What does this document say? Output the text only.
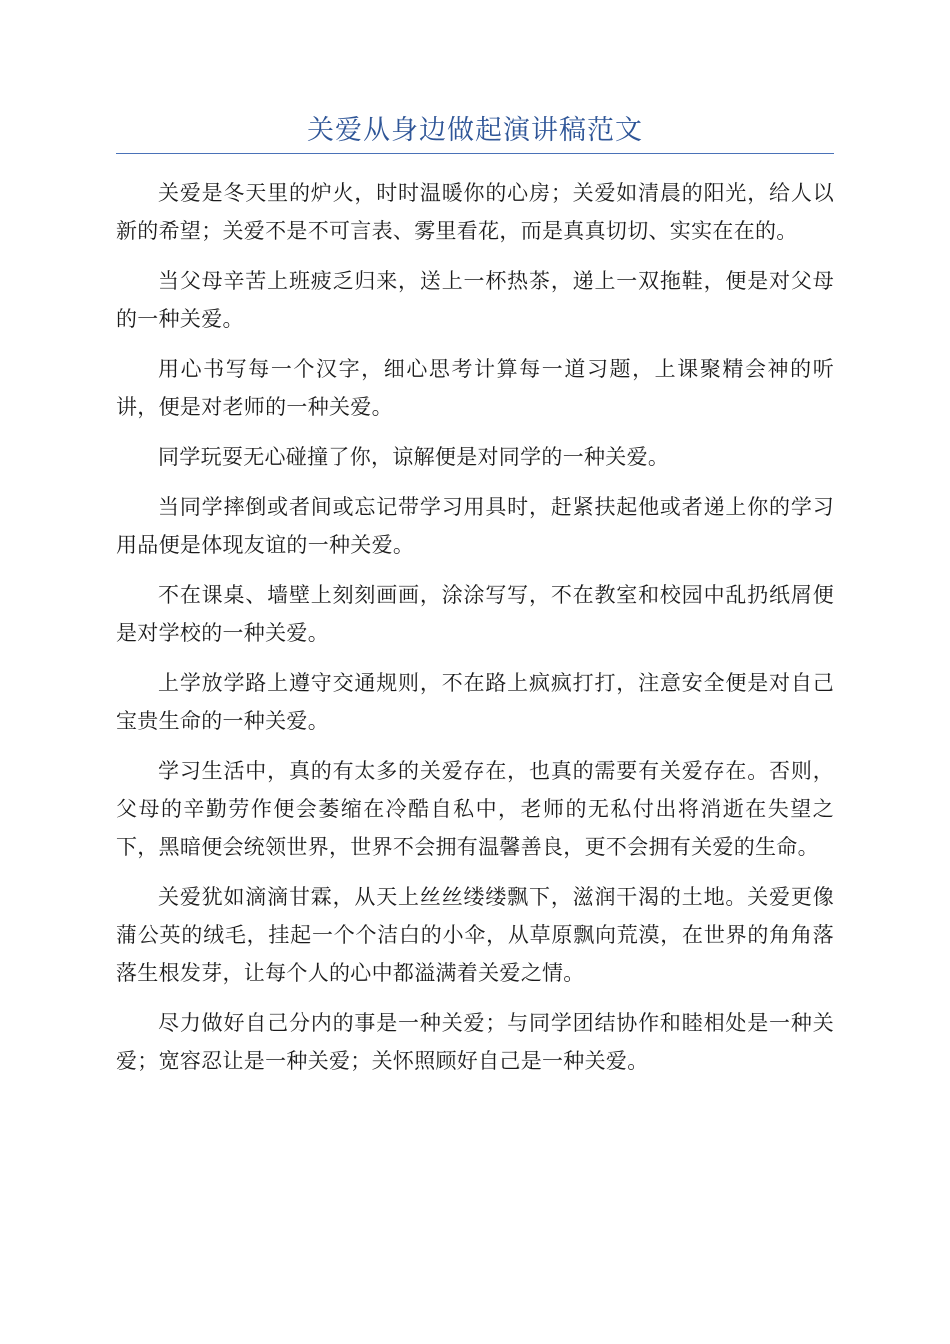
关爱从身边做起演讲稿范文

关爱是冬天里的炉火，时时温暖你的心房；关爱如清晨的阳光，给人以新的希望；关爱不是不可言表、雾里看花，而是真真切切、实实在在的。

当父母辛苦上班疲乏归来，送上一杯热茶，递上一双拖鞋，便是对父母的一种关爱。

用心书写每一个汉字，细心思考计算每一道习题，上课聚精会神的听讲，便是对老师的一种关爱。

同学玩耍无心碰撞了你，谅解便是对同学的一种关爱。

当同学摔倒或者间或忘记带学习用具时，赶紧扶起他或者递上你的学习用品便是体现友谊的一种关爱。

不在课桌、墙壁上刻刻画画，涂涂写写，不在教室和校园中乱扔纸屑便是对学校的一种关爱。

上学放学路上遵守交通规则，不在路上疯疯打打，注意安全便是对自己宝贵生命的一种关爱。

学习生活中，真的有太多的关爱存在，也真的需要有关爱存在。否则，父母的辛勤劳作便会萎缩在冷酷自私中，老师的无私付出将消逝在失望之下，黑暗便会统领世界，世界不会拥有温馨善良，更不会拥有关爱的生命。

关爱犹如滴滴甘霖，从天上丝丝缕缕飘下，滋润干渴的土地。关爱更像蒲公英的绒毛，挂起一个个洁白的小伞，从草原飘向荒漠，在世界的角角落落生根发芽，让每个人的心中都溢满着关爱之情。

尽力做好自己分内的事是一种关爱；与同学团结协作和睦相处是一种关爱；宽容忍让是一种关爱；关怀照顾好自己是一种关爱。
